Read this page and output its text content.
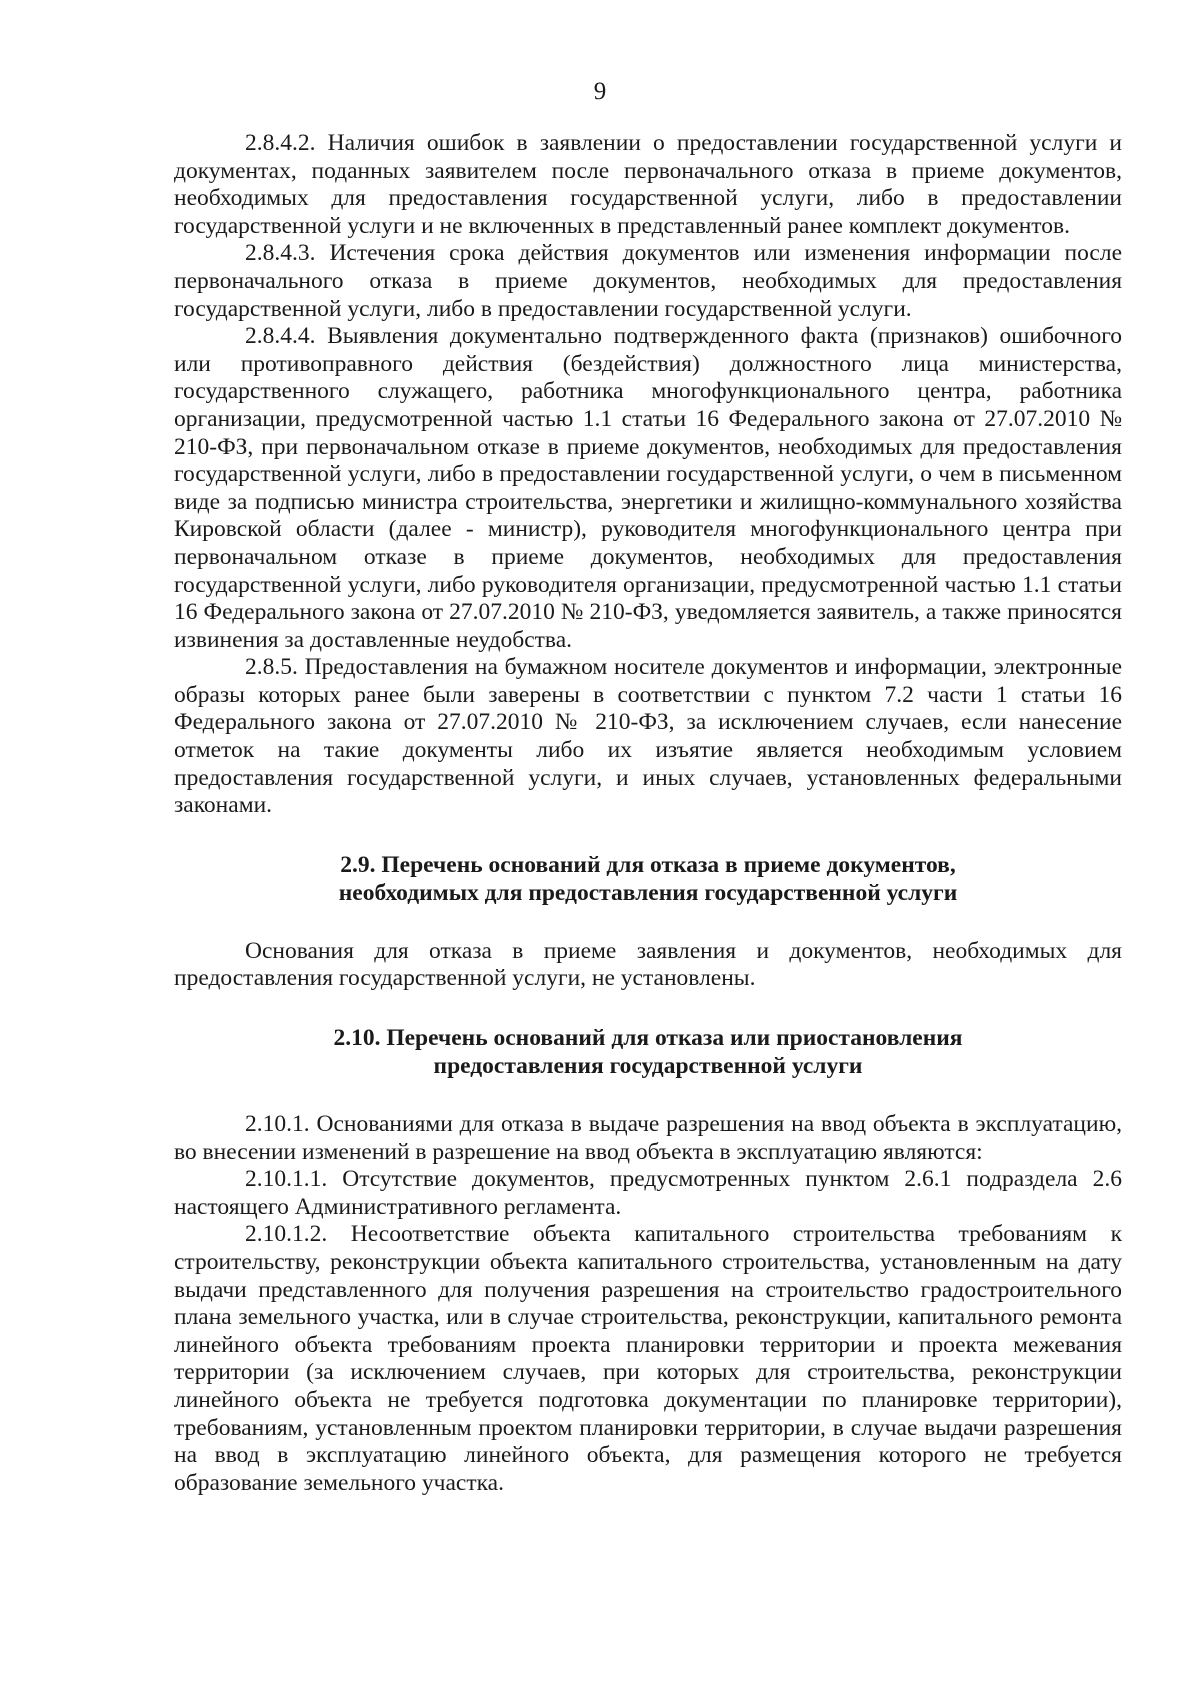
9

2.8.4.2. Наличия ошибок в заявлении о предоставлении государственной услуги и документах, поданных заявителем после первоначального отказа в приеме документов, необходимых для предоставления государственной услуги, либо в предоставлении государственной услуги и не включенных в представленный ранее комплект документов.

2.8.4.3. Истечения срока действия документов или изменения информации после первоначального отказа в приеме документов, необходимых для предоставления государственной услуги, либо в предоставлении государственной услуги.

2.8.4.4. Выявления документально подтвержденного факта (признаков) ошибочного или противоправного действия (бездействия) должностного лица министерства, государственного служащего, работника многофункционального центра, работника организации, предусмотренной частью 1.1 статьи 16 Федерального закона от 27.07.2010 № 210-ФЗ, при первоначальном отказе в приеме документов, необходимых для предоставления государственной услуги, либо в предоставлении государственной услуги, о чем в письменном виде за подписью министра строительства, энергетики и жилищно-коммунального хозяйства Кировской области (далее - министр), руководителя многофункционального центра при первоначальном отказе в приеме документов, необходимых для предоставления государственной услуги, либо руководителя организации, предусмотренной частью 1.1 статьи 16 Федерального закона от 27.07.2010 № 210-ФЗ, уведомляется заявитель, а также приносятся извинения за доставленные неудобства.

2.8.5. Предоставления на бумажном носителе документов и информации, электронные образы которых ранее были заверены в соответствии с пунктом 7.2 части 1 статьи 16 Федерального закона от 27.07.2010 № 210-ФЗ, за исключением случаев, если нанесение отметок на такие документы либо их изъятие является необходимым условием предоставления государственной услуги, и иных случаев, установленных федеральными законами.

2.9. Перечень оснований для отказа в приеме документов,
необходимых для предоставления государственной услуги

Основания для отказа в приеме заявления и документов, необходимых для предоставления государственной услуги, не установлены.

2.10. Перечень оснований для отказа или приостановления
предоставления государственной услуги

2.10.1. Основаниями для отказа в выдаче разрешения на ввод объекта в эксплуатацию, во внесении изменений в разрешение на ввод объекта в эксплуатацию являются:

2.10.1.1. Отсутствие документов, предусмотренных пунктом 2.6.1 подраздела 2.6 настоящего Административного регламента.

2.10.1.2. Несоответствие объекта капитального строительства требованиям к строительству, реконструкции объекта капитального строительства, установленным на дату выдачи представленного для получения разрешения на строительство градостроительного плана земельного участка, или в случае строительства, реконструкции, капитального ремонта линейного объекта требованиям проекта планировки территории и проекта межевания территории (за исключением случаев, при которых для строительства, реконструкции линейного объекта не требуется подготовка документации по планировке территории), требованиям, установленным проектом планировки территории, в случае выдачи разрешения на ввод в эксплуатацию линейного объекта, для размещения которого не требуется образование земельного участка.
